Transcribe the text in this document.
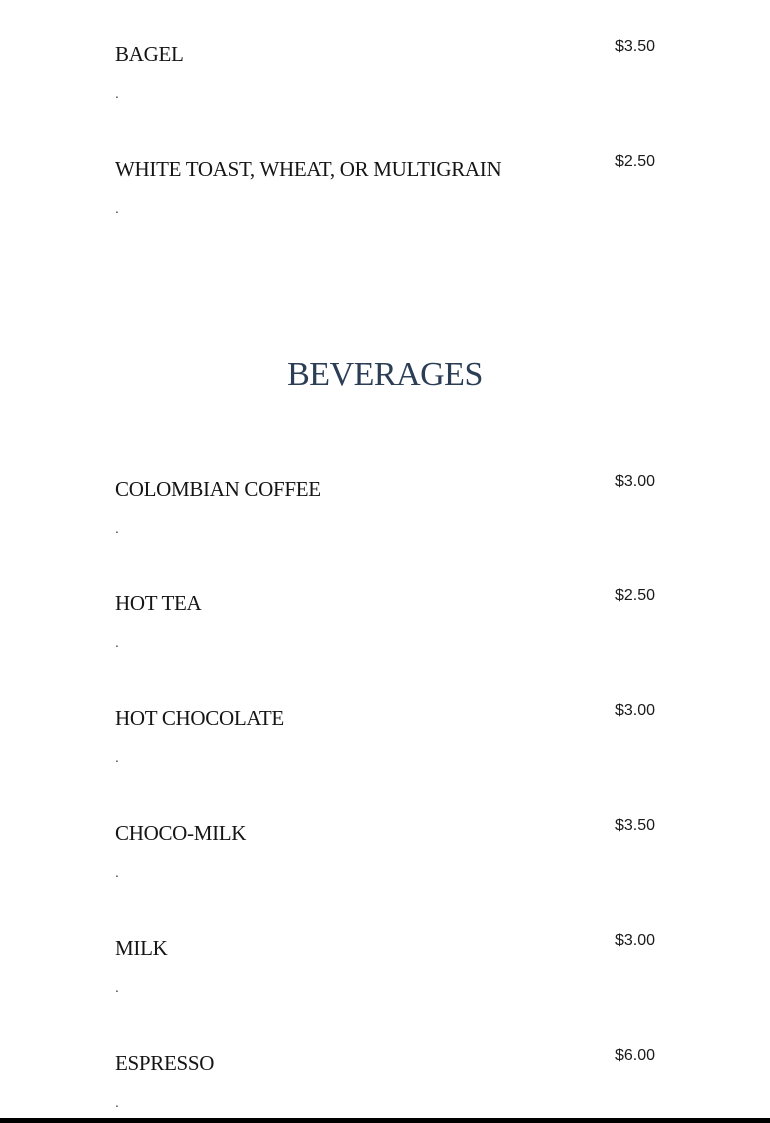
BAGEL	$3.50
.
WHITE TOAST, WHEAT, OR MULTIGRAIN	$2.50
.
BEVERAGES
COLOMBIAN COFFEE	$3.00
.
HOT TEA	$2.50
.
HOT CHOCOLATE	$3.00
.
CHOCO-MILK	$3.50
.
MILK	$3.00
.
ESPRESSO	$6.00
.
